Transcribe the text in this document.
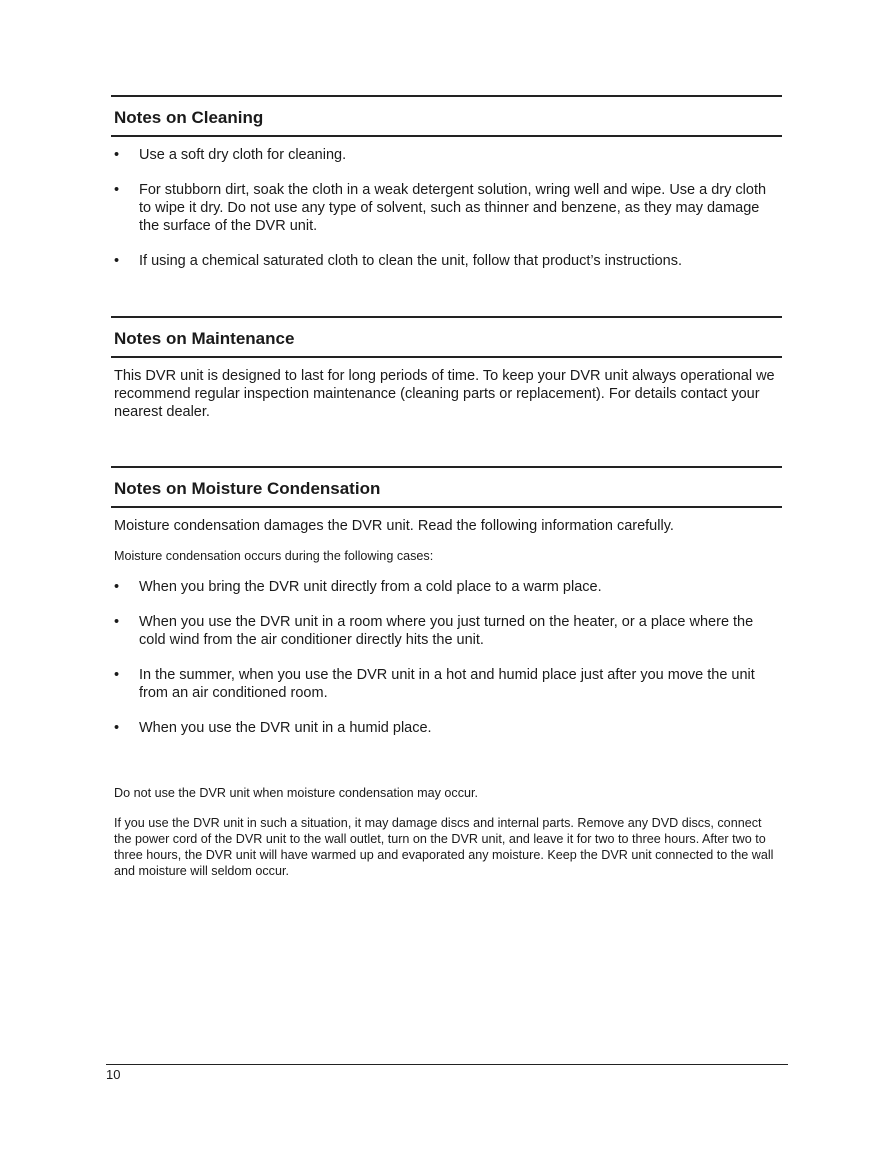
Notes on Cleaning
•	Use a soft dry cloth for cleaning.
•	For stubborn dirt, soak the cloth in a weak detergent solution, wring well and wipe. Use a dry cloth to wipe it dry. Do not use any type of solvent, such as thinner and benzene, as they may damage the surface of the DVR unit.
•	If using a chemical saturated cloth to clean the unit, follow that product’s instructions.
Notes on Maintenance

This DVR unit is designed to last for long periods of time. To keep your DVR unit always operational we recommend regular inspection maintenance (cleaning parts or replacement). For details contact your nearest dealer.

Notes on Moisture Condensation

Moisture condensation damages the DVR unit. Read the following information carefully.

Moisture condensation occurs during the following cases:

•	When you bring the DVR unit directly from a cold place to a warm place.
•	When you use the DVR unit in a room where you just turned on the heater, or a place where the cold wind from the air conditioner directly hits the unit.
•	In the summer, when you use the DVR unit in a hot and humid place just after you move the unit from an air conditioned room.
•	When you use the DVR unit in a humid place.

Do not use the DVR unit when moisture condensation may occur.

If you use the DVR unit in such a situation, it may damage discs and internal parts. Remove any DVD discs, connect the power cord of the DVR unit to the wall outlet, turn on the DVR unit, and leave it for two to three hours. After two to three hours, the DVR unit will have warmed up and evaporated any moisture. Keep the DVR unit connected to the wall and moisture will seldom occur.

10
